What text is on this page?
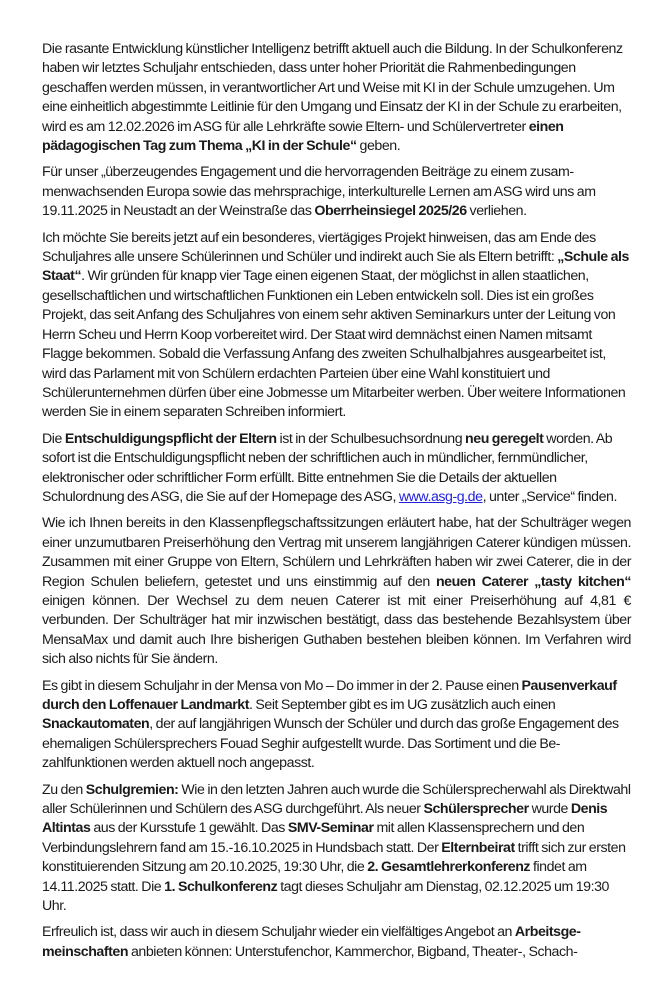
Die rasante Entwicklung künstlicher Intelligenz betrifft aktuell auch die Bildung. In der Schulkonferenz haben wir letztes Schuljahr entschieden, dass unter hoher Priorität die Rahmenbedingungen geschaffen werden müssen, in verantwortlicher Art und Weise mit KI in der Schule umzugehen. Um eine einheitlich abgestimmte Leitlinie für den Umgang und Einsatz der KI in der Schule zu erarbeiten, wird es am 12.02.2026 im ASG für alle Lehrkräfte sowie Eltern- und Schülervertreter einen pädagogischen Tag zum Thema „KI in der Schule“ geben.

Für unser „überzeugendes Engagement und die hervorragenden Beiträge zu einem zusammenwachsenden Europa sowie das mehrsprachige, interkulturelle Lernen am ASG wird uns am 19.11.2025 in Neustadt an der Weinstraße das Oberrheinsiegel 2025/26 verliehen.

Ich möchte Sie bereits jetzt auf ein besonderes, viertägiges Projekt hinweisen, das am Ende des Schuljahres alle unsere Schülerinnen und Schüler und indirekt auch Sie als Eltern betrifft: „Schule als Staat“. Wir gründen für knapp vier Tage einen eigenen Staat, der möglichst in allen staatlichen, gesellschaftlichen und wirtschaftlichen Funktionen ein Leben entwickeln soll. Dies ist ein großes Projekt, das seit Anfang des Schuljahres von einem sehr aktiven Seminarkurs unter der Leitung von Herrn Scheu und Herrn Koop vorbereitet wird. Der Staat wird demnächst einen Namen mitsamt Flagge bekommen. Sobald die Verfassung Anfang des zweiten Schulhalbjahres ausgearbeitet ist, wird das Parlament mit von Schülern erdachten Parteien über eine Wahl konstituiert und Schülerunternehmen dürfen über eine Jobmesse um Mitarbeiter werben. Über weitere Informationen werden Sie in einem separaten Schreiben informiert.

Die Entschuldigungspflicht der Eltern ist in der Schulbesuchsordnung neu geregelt worden. Ab sofort ist die Entschuldigungspflicht neben der schriftlichen auch in mündlicher, fernmündlicher, elektronischer oder schriftlicher Form erfüllt. Bitte entnehmen Sie die Details der aktuellen Schulordnung des ASG, die Sie auf der Homepage des ASG, www.asg-g.de, unter „Service“ finden.

Wie ich Ihnen bereits in den Klassenpflegschaftssitzungen erläutert habe, hat der Schulträger wegen einer unzumutbaren Preiserhöhung den Vertrag mit unserem langjährigen Caterer kündigen müssen. Zusammen mit einer Gruppe von Eltern, Schülern und Lehrkräften haben wir zwei Caterer, die in der Region Schulen beliefern, getestet und uns einstimmig auf den neuen Caterer „tasty kitchen“ einigen können. Der Wechsel zu dem neuen Caterer ist mit einer Preiserhöhung auf 4,81 € verbunden. Der Schulträger hat mir inzwischen bestätigt, dass das bestehende Bezahlsystem über MensaMax und damit auch Ihre bisherigen Guthaben bestehen bleiben können. Im Verfahren wird sich also nichts für Sie ändern.

Es gibt in diesem Schuljahr in der Mensa von Mo – Do immer in der 2. Pause einen Pausenverkauf durch den Loffenauer Landmarkt. Seit September gibt es im UG zusätzlich auch einen Snackautomaten, der auf langjährigen Wunsch der Schüler und durch das große Engagement des ehemaligen Schülersprechers Fouad Seghir aufgestellt wurde. Das Sortiment und die Bezahlfunktionen werden aktuell noch angepasst.

Zu den Schulgremien: Wie in den letzten Jahren auch wurde die Schülersprecherwahl als Direktwahl aller Schülerinnen und Schülern des ASG durchgeführt. Als neuer Schülersprecher wurde Denis Altintas aus der Kursstufe 1 gewählt. Das SMV-Seminar mit allen Klassensprechern und den Verbindungslehrern fand am 15.-16.10.2025 in Hundsbach statt. Der Elternbeirat trifft sich zur ersten konstituierenden Sitzung am 20.10.2025, 19:30 Uhr, die 2. Gesamtlehrerkonferenz findet am 14.11.2025 statt. Die 1. Schulkonferenz tagt dieses Schuljahr am Dienstag, 02.12.2025 um 19:30 Uhr.

Erfreulich ist, dass wir auch in diesem Schuljahr wieder ein vielfältiges Angebot an Arbeitsgemeinschaften anbieten können: Unterstufenchor, Kammerchor, Bigband, Theater-, Schach-
